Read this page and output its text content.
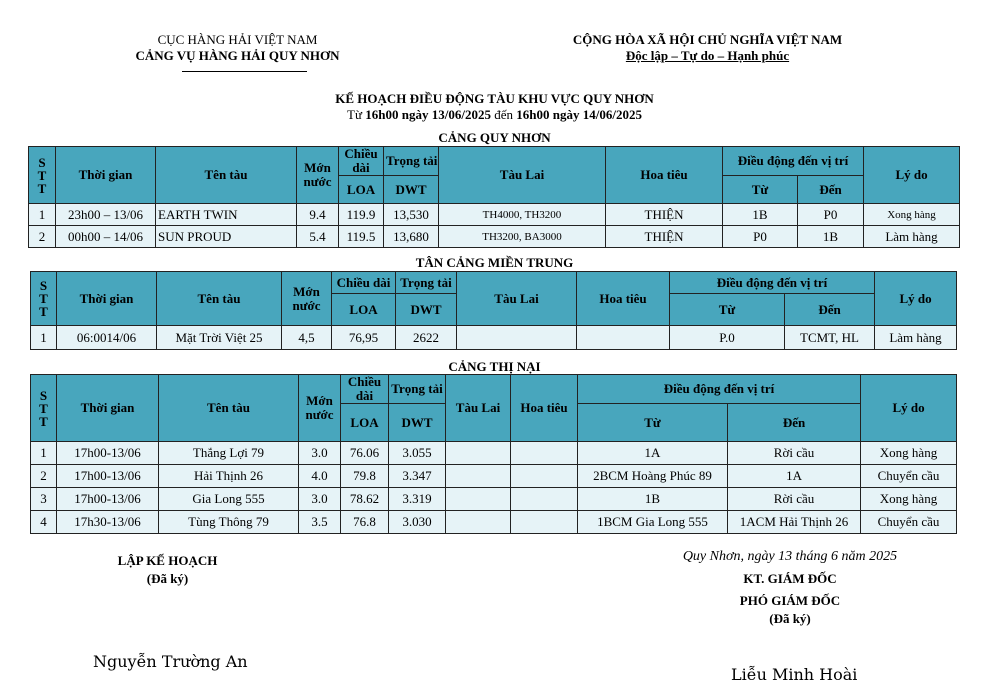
CỤC HÀNG HẢI VIỆT NAM
CẢNG VỤ HÀNG HẢI QUY NHƠN
CỘNG HÒA XÃ HỘI CHỦ NGHĨA VIỆT NAM
Độc lập – Tự do – Hạnh phúc
KẾ HOẠCH ĐIỀU ĐỘNG TÀU KHU VỰC QUY NHƠN
Từ 16h00 ngày 13/06/2025 đến 16h00 ngày 14/06/2025
CẢNG QUY NHƠN
S
T
T	Thời gian	Tên tàu	Mớn
nước	Chiều
dài	Trọng tải	Tàu Lai	Hoa tiêu	Điều động đến vị trí		Lý do
				LOA	DWT			Từ	Đến	
1	23h00 – 13/06	EARTH TWIN	9.4	119.9	13,530	TH4000, TH3200	THIỆN	1B	P0	Xong hàng
2	00h00 – 14/06	SUN PROUD	5.4	119.5	13,680	TH3200, BA3000	THIỆN	P0	1B	Làm hàng
TÂN CẢNG MIỀN TRUNG
S
T
T	Thời gian	Tên tàu	Mớn
nước	Chiều dài	Trọng tải	Tàu Lai	Hoa tiêu	Điều động đến vị trí		Lý do
				LOA	DWT			Từ	Đến	
1	06:0014/06	Mặt Trời Việt 25	4,5	76,95	2622			P.0	TCMT, HL	Làm hàng
CẢNG THỊ NẠI
S
T
T	Thời gian	Tên tàu	Mớn
nước	Chiều
dài	Trọng tải	Tàu Lai	Hoa tiêu	Điều động đến vị trí		Lý do
				LOA	DWT			Từ	Đến	
1	17h00-13/06	Thắng Lợi 79	3.0	76.06	3.055			1A	Rời cầu	Xong hàng
2	17h00-13/06	Hải Thịnh 26	4.0	79.8	3.347			2BCM Hoàng Phúc 89	1A	Chuyển cầu
3	17h00-13/06	Gia Long 555	3.0	78.62	3.319			1B	Rời cầu	Xong hàng
4	17h30-13/06	Tùng Thông 79	3.5	76.8	3.030			1BCM Gia Long 555	1ACM Hải Thịnh 26	Chuyển cầu
LẬP KẾ HOẠCH
(Đã ký)
Nguyễn Trường An
Quy Nhơn, ngày 13 tháng 6 năm 2025
KT. GIÁM ĐỐC
PHÓ GIÁM ĐỐC
(Đã ký)
Liễu Minh Hoài
